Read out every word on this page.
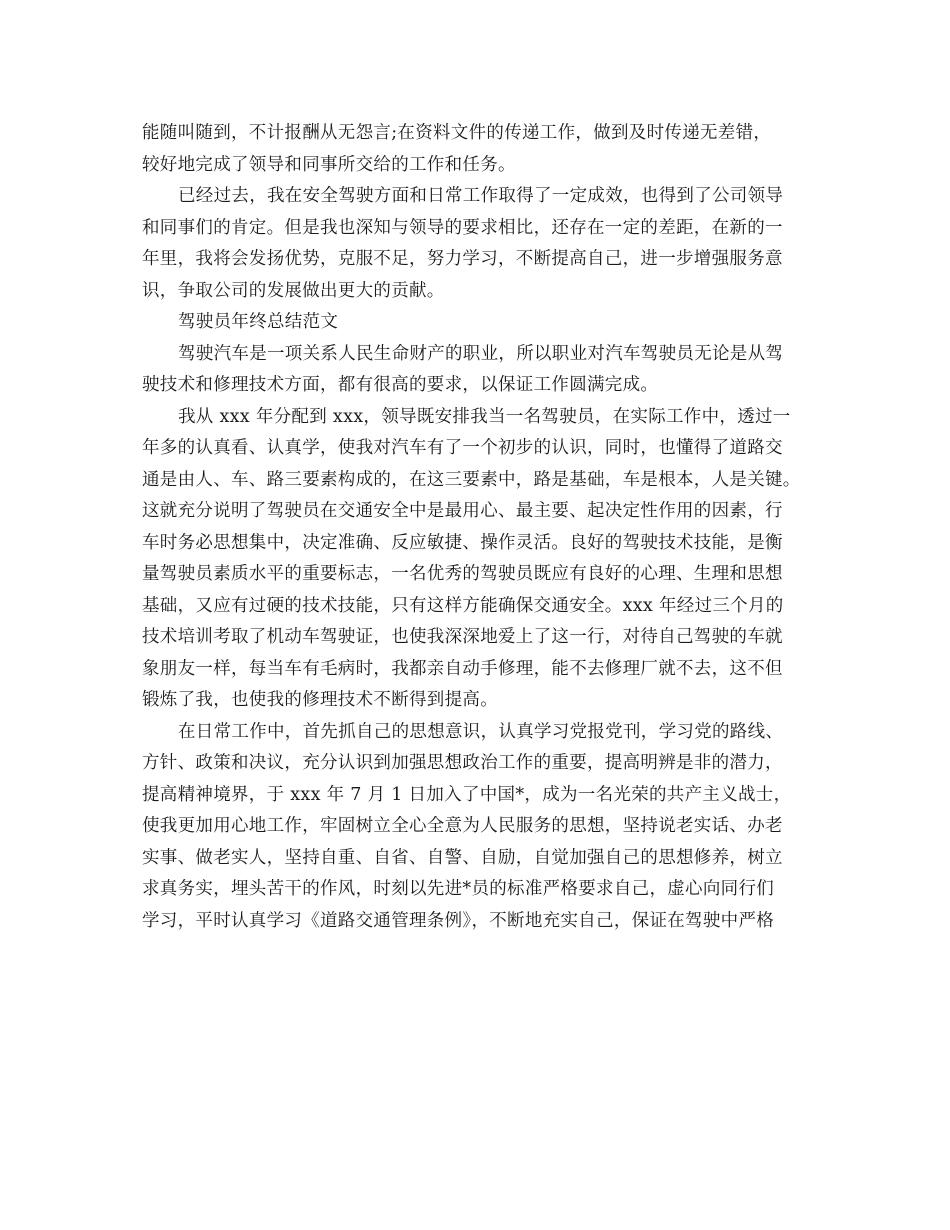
能随叫随到，不计报酬从无怨言;在资料文件的传递工作，做到及时传递无差错，
较好地完成了领导和同事所交给的工作和任务。
已经过去，我在安全驾驶方面和日常工作取得了一定成效，也得到了公司领导
和同事们的肯定。但是我也深知与领导的要求相比，还存在一定的差距，在新的一
年里，我将会发扬优势，克服不足，努力学习，不断提高自己，进一步增强服务意
识，争取公司的发展做出更大的贡献。
驾驶员年终总结范文
驾驶汽车是一项关系人民生命财产的职业，所以职业对汽车驾驶员无论是从驾
驶技术和修理技术方面，都有很高的要求，以保证工作圆满完成。
我从 xxx 年分配到 xxx，领导既安排我当一名驾驶员，在实际工作中，透过一
年多的认真看、认真学，使我对汽车有了一个初步的认识，同时，也懂得了道路交
通是由人、车、路三要素构成的，在这三要素中，路是基础，车是根本，人是关键。
这就充分说明了驾驶员在交通安全中是最用心、最主要、起决定性作用的因素，行
车时务必思想集中，决定准确、反应敏捷、操作灵活。良好的驾驶技术技能，是衡
量驾驶员素质水平的重要标志，一名优秀的驾驶员既应有良好的心理、生理和思想
基础，又应有过硬的技术技能，只有这样方能确保交通安全。xxx 年经过三个月的
技术培训考取了机动车驾驶证，也使我深深地爱上了这一行，对待自己驾驶的车就
象朋友一样，每当车有毛病时，我都亲自动手修理，能不去修理厂就不去，这不但
锻炼了我，也使我的修理技术不断得到提高。
在日常工作中，首先抓自己的思想意识，认真学习党报党刊，学习党的路线、
方针、政策和决议，充分认识到加强思想政治工作的重要，提高明辨是非的潜力，
提高精神境界，于 xxx 年 7 月 1 日加入了中国*，成为一名光荣的共产主义战士，
使我更加用心地工作，牢固树立全心全意为人民服务的思想，坚持说老实话、办老
实事、做老实人，坚持自重、自省、自警、自励，自觉加强自己的思想修养，树立
求真务实，埋头苦干的作风，时刻以先进*员的标准严格要求自己，虚心向同行们
学习，平时认真学习《道路交通管理条例》，不断地充实自己，保证在驾驶中严格
